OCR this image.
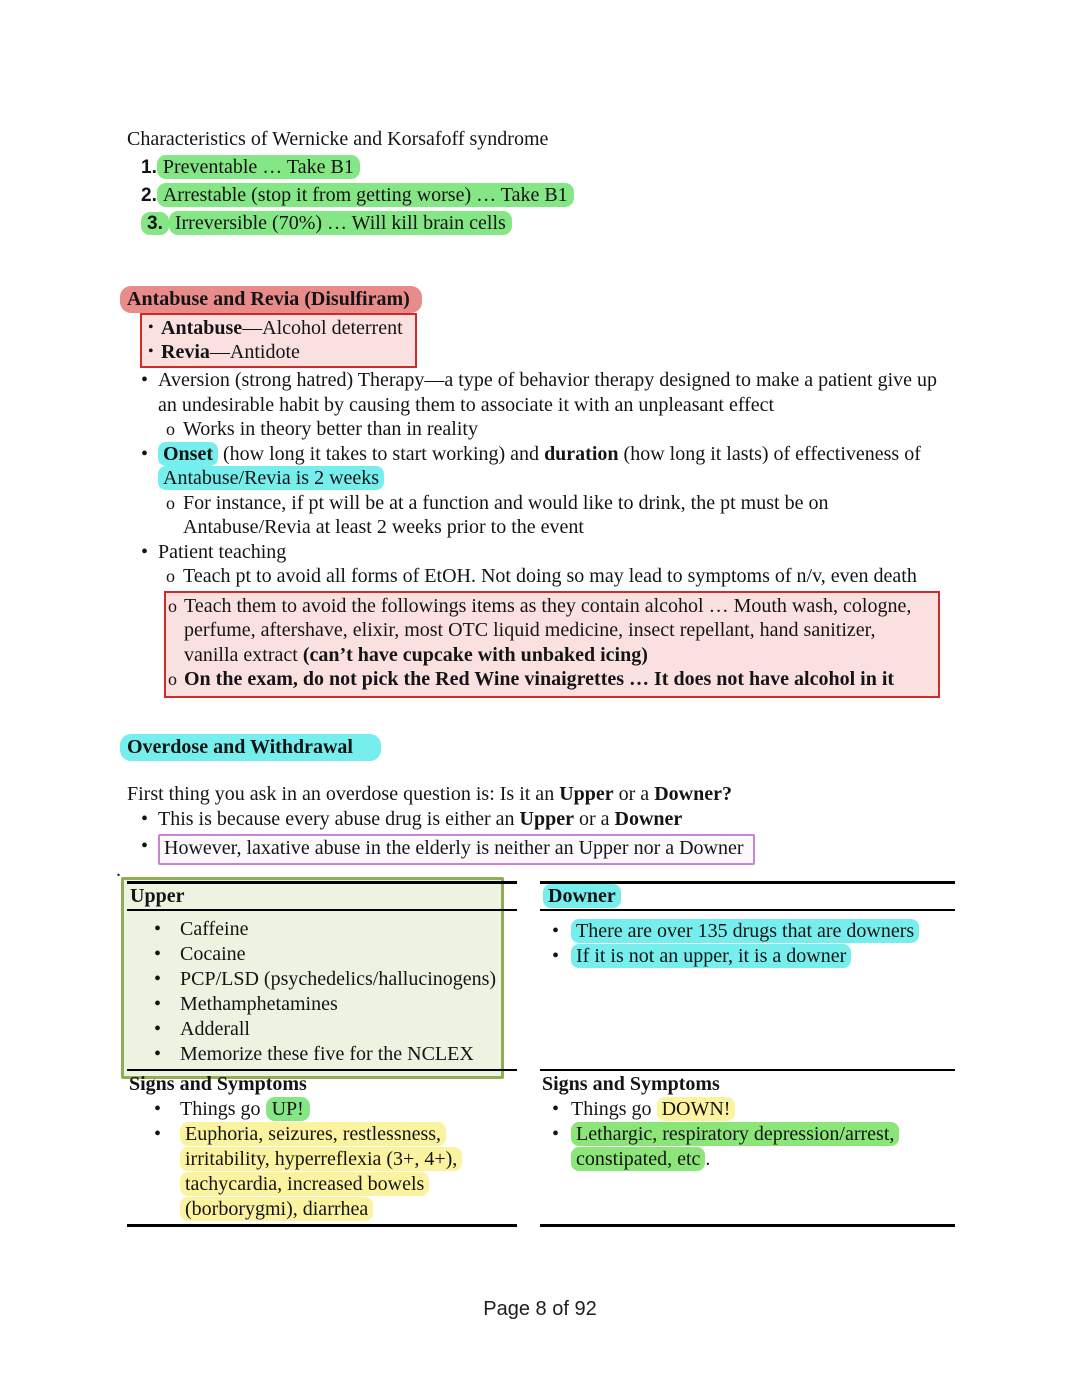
Characteristics of Wernicke and Korsafoff syndrome

1. Preventable … Take B1
2. Arrestable (stop it from getting worse) … Take B1
3. Irreversible (70%) … Will kill brain cells
Antabuse and Revia (Disulfiram)
• Antabuse—Alcohol deterrent
• Revia—Antidote
• Aversion (strong hatred) Therapy—a type of behavior therapy designed to make a patient give up an undesirable habit by causing them to associate it with an unpleasant effect
o Works in theory better than in reality
• Onset (how long it takes to start working) and duration (how long it lasts) of effectiveness of Antabuse/Revia is 2 weeks
o For instance, if pt will be at a function and would like to drink, the pt must be on Antabuse/Revia at least 2 weeks prior to the event
• Patient teaching
o Teach pt to avoid all forms of EtOH. Not doing so may lead to symptoms of n/v, even death
o Teach them to avoid the followings items as they contain alcohol … Mouth wash, cologne, perfume, aftershave, elixir, most OTC liquid medicine, insect repellant, hand sanitizer, vanilla extract (can’t have cupcake with unbaked icing)
o On the exam, do not pick the Red Wine vinaigrettes … It does not have alcohol in it
Overdose and Withdrawal

First thing you ask in an overdose question is: Is it an Upper or a Downer?

• This is because every abuse drug is either an Upper or a Downer
• However, laxative abuse in the elderly is neither an Upper nor a Downer
.
Upper	Downer
• Caffeine
• Cocaine
• PCP/LSD (psychedelics/hallucinogens)
• Methamphetamines
• Adderall
• Memorize these five for the NCLEX
• There are over 135 drugs that are downers
• If it is not an upper, it is a downer
Signs and Symptoms
• Things go UP!
•	Euphoria, seizures, restlessness, irritability, hyperreflexia (3+, 4+), tachycardia, increased bowels (borborygmi), diarrhea
Signs and Symptoms
• Things go DOWN!
• Lethargic, respiratory depression/arrest, constipated, etc .
Page 8 of 92
